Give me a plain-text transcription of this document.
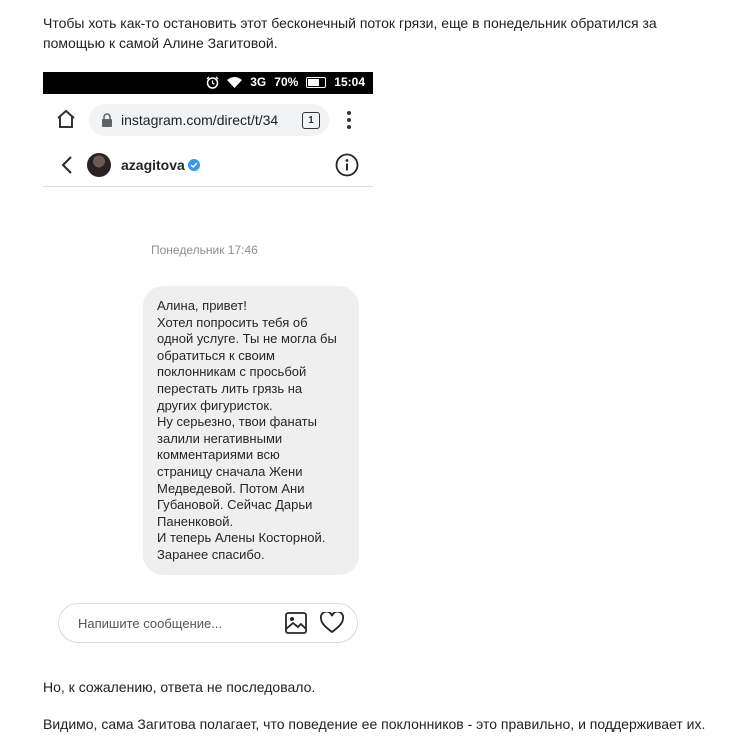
Чтобы хоть как-то остановить этот бесконечный поток грязи, еще в понедельник обратился за помощью к самой Алине Загитовой.
3G 70%	15:04
instagram.com/direct/t/34	1
azagitova
Понедельник 17:46
Алина, привет!
Хотел попросить тебя об
одной услуге. Ты не могла бы
обратиться к своим
поклонникам с просьбой
перестать лить грязь на
других фигуристок.
Ну серьезно, твои фанаты
залили негативными
комментариями всю
страницу сначала Жени
Медведевой. Потом Ани
Губановой. Сейчас Дарьи
Паненковой.
И теперь Алены Косторной.
Заранее спасибо.
Напишите сообщение...
Но, к сожалению, ответа не последовало.
Видимо, сама Загитова полагает, что поведение ее поклонников - это правильно, и поддерживает их.
